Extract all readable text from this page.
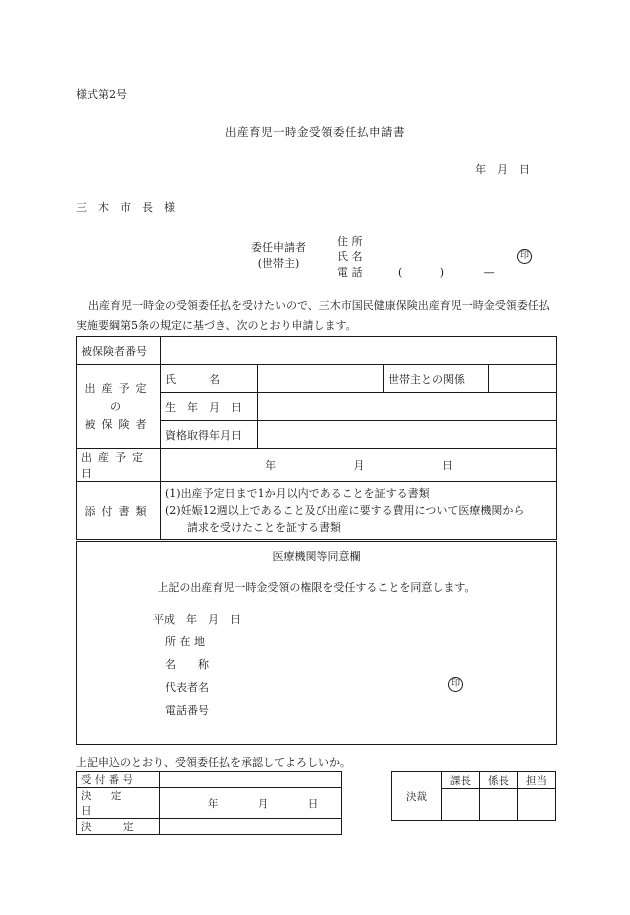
様式第2号
出産育児一時金受領委任払申請書
年　月　日
三木市長様
委任申請者
(世帯主)
住 所
氏 名	印
電 話	(	)	—
出産育児一時金の受領委任払を受けたいので、三木市国民健康保険出産育児一時金受領委任払実施要綱第5条の規定に基づき、次のとおり申請します。
被保険者番号				

出産予定の
被保険者	氏　　　名		世帯主との関係	
	生　年　月　日			
	資格取得年月日			
出産予定日	年 月 日			
添付書類	(1)出産予定日まで1か月以内であることを証する書類
(2)妊娠12週以上であること及び出産に要する費用について医療機関から
請求を受けたことを証する書類			
医療機関等同意欄
上記の出産育児一時金受領の権限を受任することを同意します。
平成　年　月　日
所 在 地
名　　称
代表者名
電話番号
印
上記申込のとおり、受領委任払を承認してよろしいか。
受 付 番 号	
決 定 日	年 月 日
決　　　定	
決裁	課長	係長	担当
